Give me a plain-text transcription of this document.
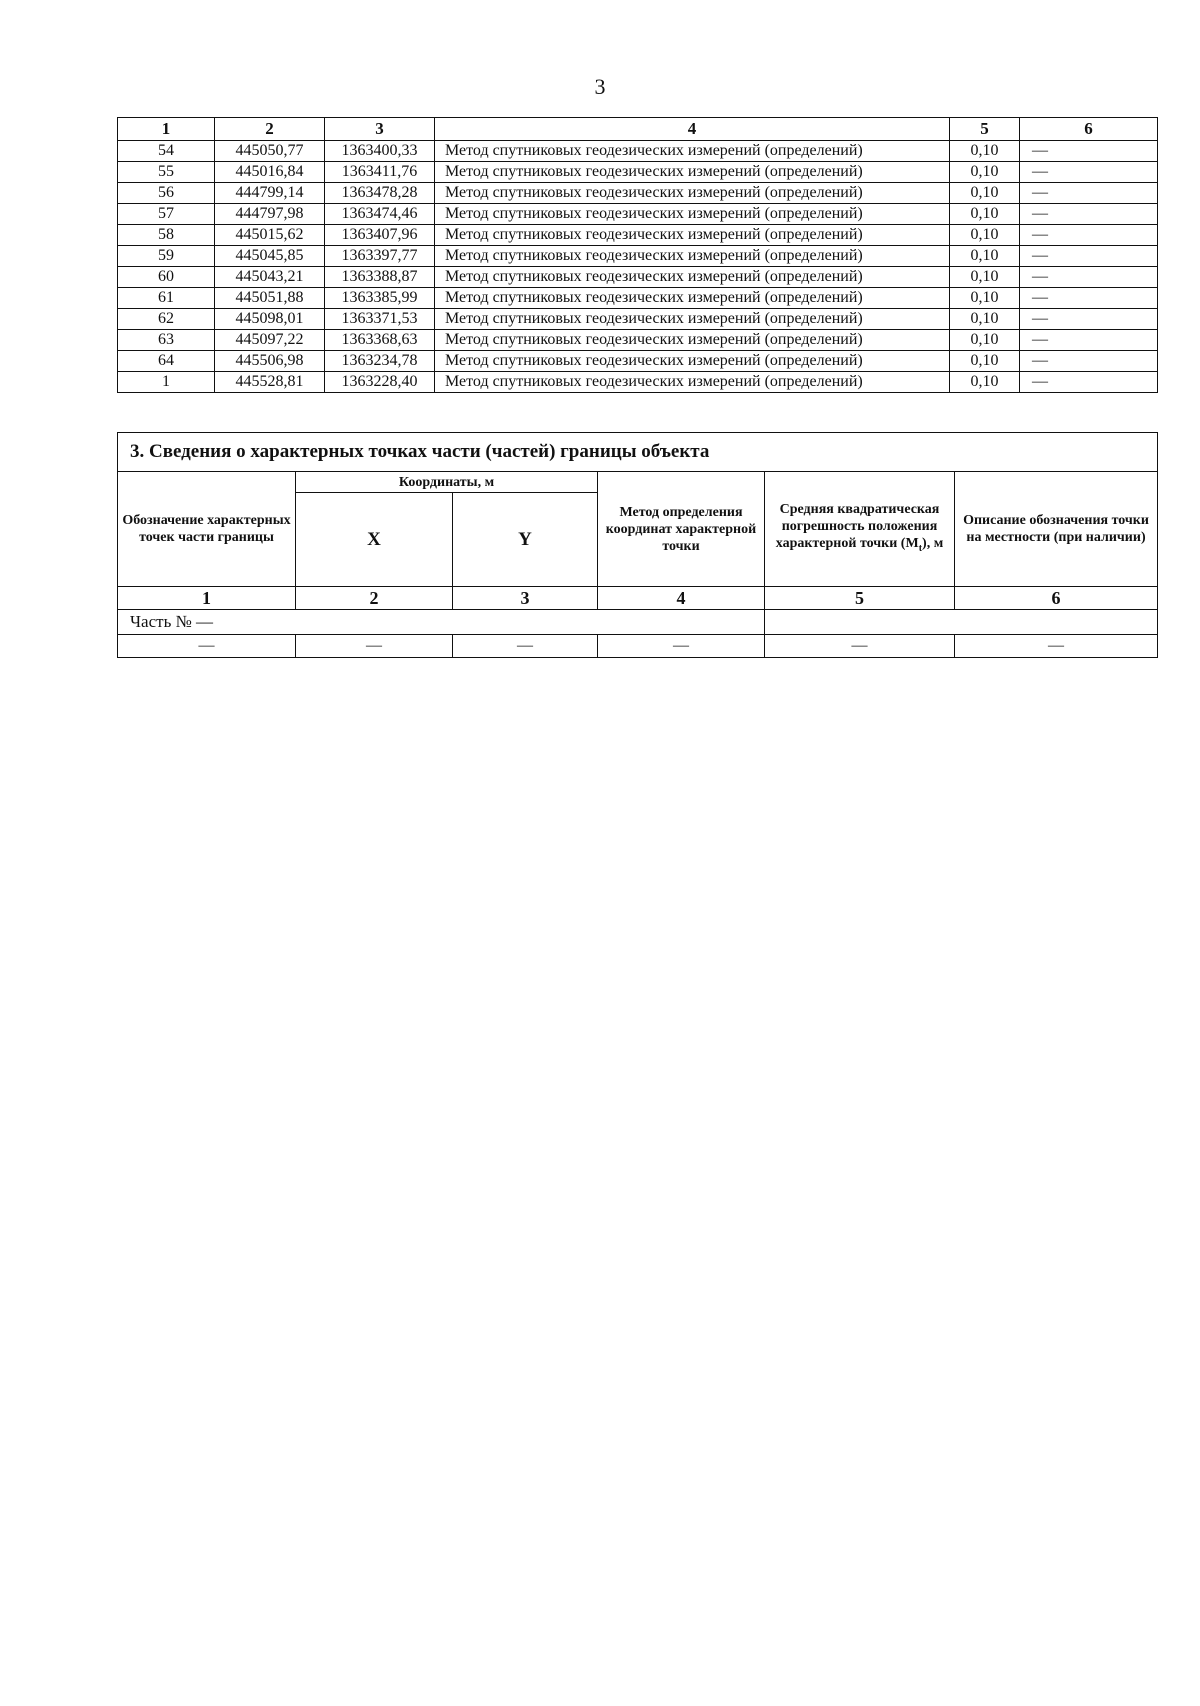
3
1	2	3	4	5	6
54	445050,77	1363400,33	Метод спутниковых геодезических измерений (определений)	0,10	—
55	445016,84	1363411,76	Метод спутниковых геодезических измерений (определений)	0,10	—
56	444799,14	1363478,28	Метод спутниковых геодезических измерений (определений)	0,10	—
57	444797,98	1363474,46	Метод спутниковых геодезических измерений (определений)	0,10	—
58	445015,62	1363407,96	Метод спутниковых геодезических измерений (определений)	0,10	—
59	445045,85	1363397,77	Метод спутниковых геодезических измерений (определений)	0,10	—
60	445043,21	1363388,87	Метод спутниковых геодезических измерений (определений)	0,10	—
61	445051,88	1363385,99	Метод спутниковых геодезических измерений (определений)	0,10	—
62	445098,01	1363371,53	Метод спутниковых геодезических измерений (определений)	0,10	—
63	445097,22	1363368,63	Метод спутниковых геодезических измерений (определений)	0,10	—
64	445506,98	1363234,78	Метод спутниковых геодезических измерений (определений)	0,10	—
1	445528,81	1363228,40	Метод спутниковых геодезических измерений (определений)	0,10	—
3. Сведения о характерных точках части (частей) границы объекта					
Обозначение характерных точек части границы	Координаты, м		Метод определения координат характерной точки	Средняя квадратическая погрешность положения характерной точки $(M_t)$, м	Описание обозначения точки на местности (при наличии)
	X	Y			
1	2	3	4	5	6
Часть № —					
—	—	—	—	—	—
